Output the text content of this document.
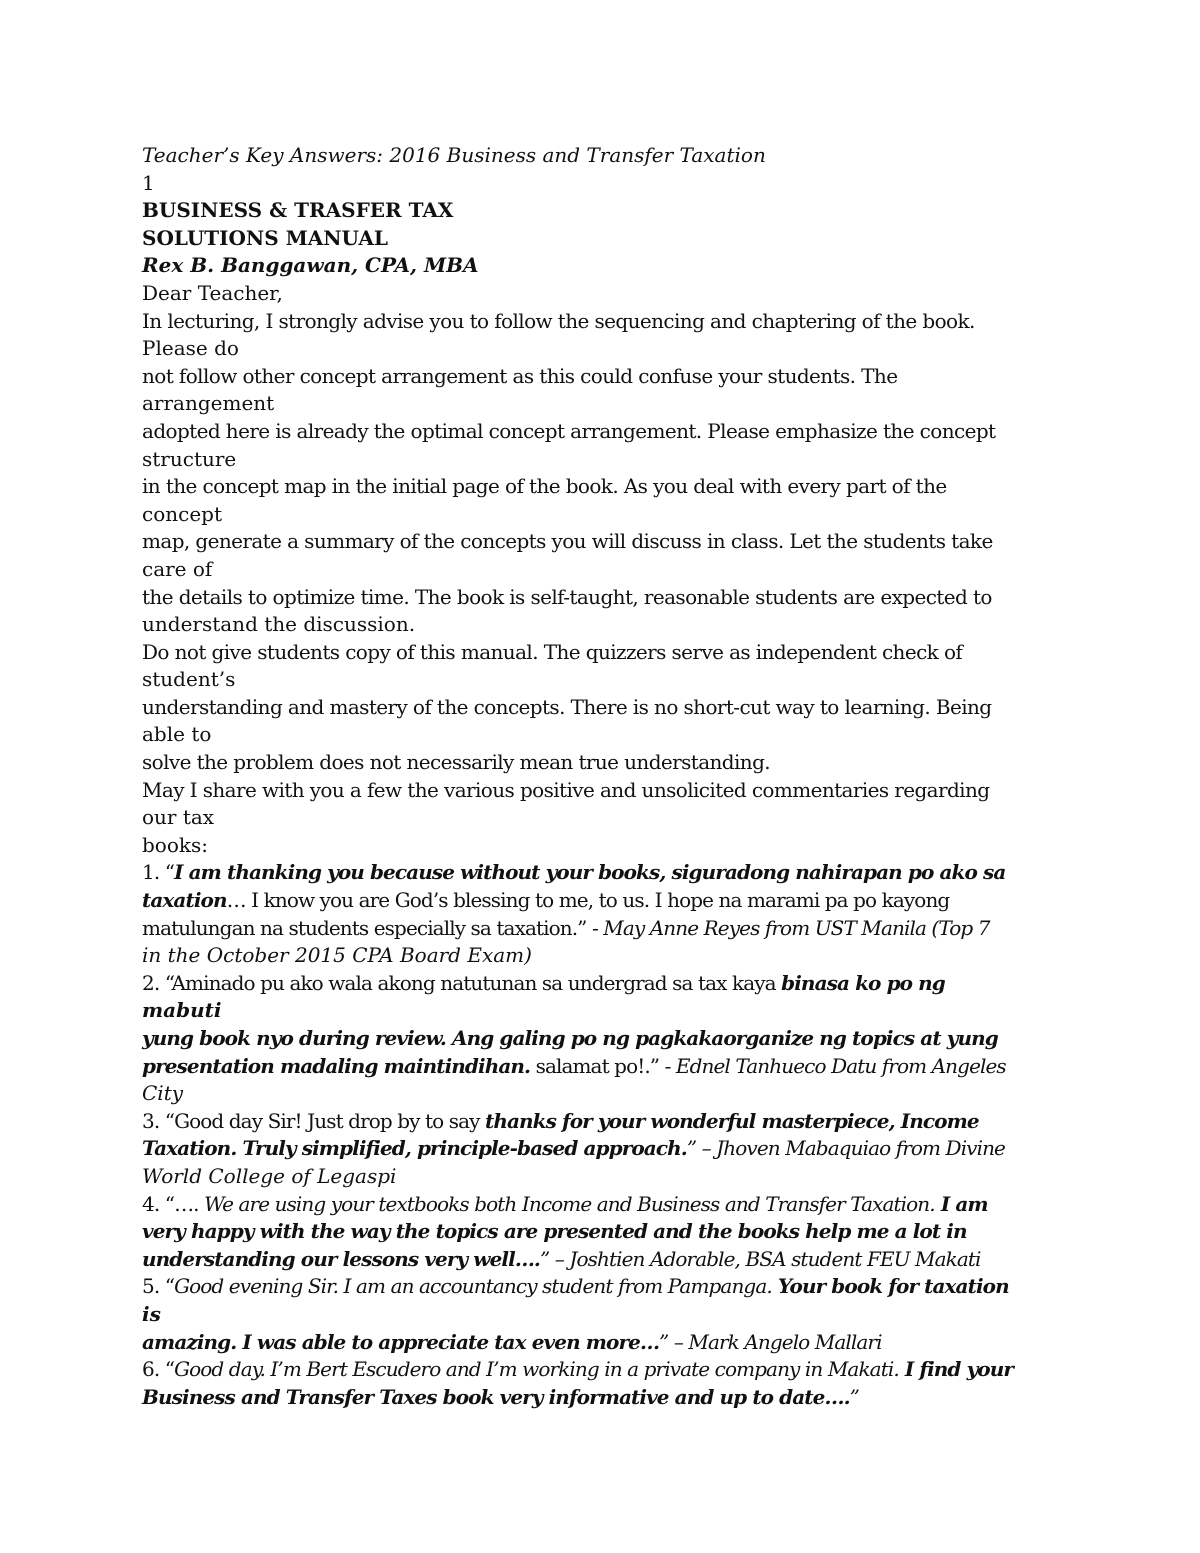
Teacher’s Key Answers: 2016 Business and Transfer Taxation
1
BUSINESS & TRASFER TAX
SOLUTIONS MANUAL
Rex B. Banggawan, CPA, MBA
Dear Teacher,
In lecturing, I strongly advise you to follow the sequencing and chaptering of the book.
Please do
not follow other concept arrangement as this could confuse your students. The
arrangement
adopted here is already the optimal concept arrangement. Please emphasize the concept
structure
in the concept map in the initial page of the book. As you deal with every part of the
concept
map, generate a summary of the concepts you will discuss in class. Let the students take
care of
the details to optimize time. The book is self-taught, reasonable students are expected to
understand the discussion.
Do not give students copy of this manual. The quizzers serve as independent check of
student’s
understanding and mastery of the concepts. There is no short-cut way to learning. Being
able to
solve the problem does not necessarily mean true understanding.
May I share with you a few the various positive and unsolicited commentaries regarding
our tax
books:
1. “I am thanking you because without your books, siguradong nahirapan po ako sa
taxation… I know you are God’s blessing to me, to us. I hope na marami pa po kayong
matulungan na students especially sa taxation.” - May Anne Reyes from UST Manila (Top 7
in the October 2015 CPA Board Exam)
2. “Aminado pu ako wala akong natutunan sa undergrad sa tax kaya binasa ko po ng
mabuti
yung book nyo during review. Ang galing po ng pagkakaorganize ng topics at yung
presentation madaling maintindihan. salamat po!.” - Ednel Tanhueco Datu from Angeles
City
3. “Good day Sir! Just drop by to say thanks for your wonderful masterpiece, Income
Taxation. Truly simplified, principle-based approach.” – Jhoven Mabaquiao from Divine
World College of Legaspi
4. “…. We are using your textbooks both Income and Business and Transfer Taxation. I am
very happy with the way the topics are presented and the books help me a lot in
understanding our lessons very well….” – Joshtien Adorable, BSA student FEU Makati
5. “Good evening Sir. I am an accountancy student from Pampanga. Your book for taxation
is
amazing. I was able to appreciate tax even more…” – Mark Angelo Mallari
6. “Good day. I’m Bert Escudero and I’m working in a private company in Makati. I find your
Business and Transfer Taxes book very informative and up to date….”
